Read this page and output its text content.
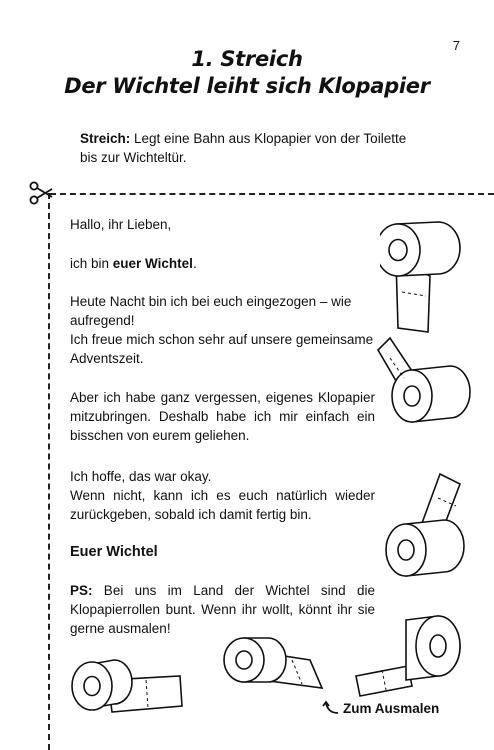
7
1. Streich
Der Wichtel leiht sich Klopapier
Streich: Legt eine Bahn aus Klopapier von der Toilette bis zur Wichteltür.

Hallo, ihr Lieben,

ich bin euer Wichtel.

Heute Nacht bin ich bei euch eingezogen – wie aufregend!
Ich freue mich schon sehr auf unsere gemeinsame Adventszeit.

Aber ich habe ganz vergessen, eigenes Klopapier mitzubringen. Deshalb habe ich mir einfach ein bisschen von eurem geliehen.

Ich hoffe, das war okay.
Wenn nicht, kann ich es euch natürlich wieder zurückgeben, sobald ich damit fertig bin.

Euer Wichtel

PS: Bei uns im Land der Wichtel sind die Klopapierrollen bunt. Wenn ihr wollt, könnt ihr sie gerne ausmalen!

Zum Ausmalen
